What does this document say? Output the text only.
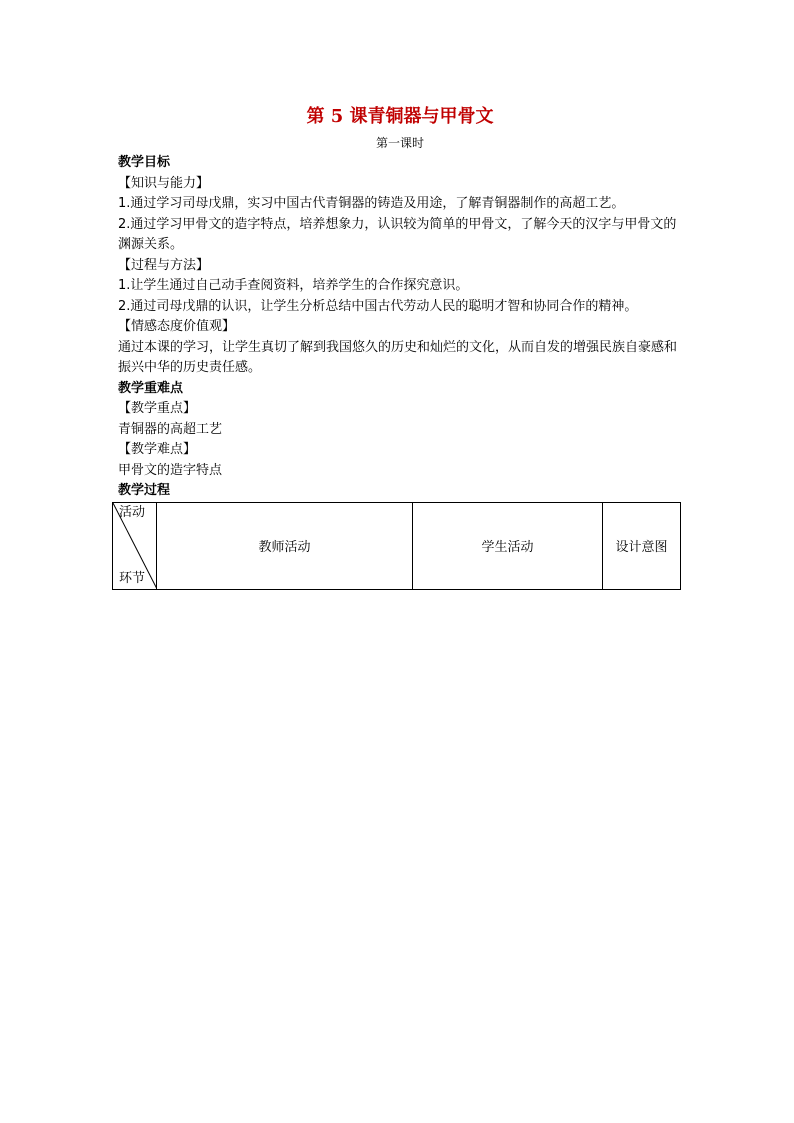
第 5 课青铜器与甲骨文
第一课时
教学目标
【知识与能力】
1.通过学习司母戊鼎，实习中国古代青铜器的铸造及用途，了解青铜器制作的高超工艺。
2.通过学习甲骨文的造字特点，培养想象力，认识较为简单的甲骨文，了解今天的汉字与甲骨文的渊源关系。
【过程与方法】
1.让学生通过自己动手查阅资料，培养学生的合作探究意识。
2.通过司母戊鼎的认识，让学生分析总结中国古代劳动人民的聪明才智和协同合作的精神。
【情感态度价值观】
通过本课的学习，让学生真切了解到我国悠久的历史和灿烂的文化，从而自发的增强民族自豪感和振兴中华的历史责任感。
教学重难点
【教学重点】
青铜器的高超工艺
【教学难点】
甲骨文的造字特点
教学过程
活动
环节
	教师活动	学生活动	设计意图
